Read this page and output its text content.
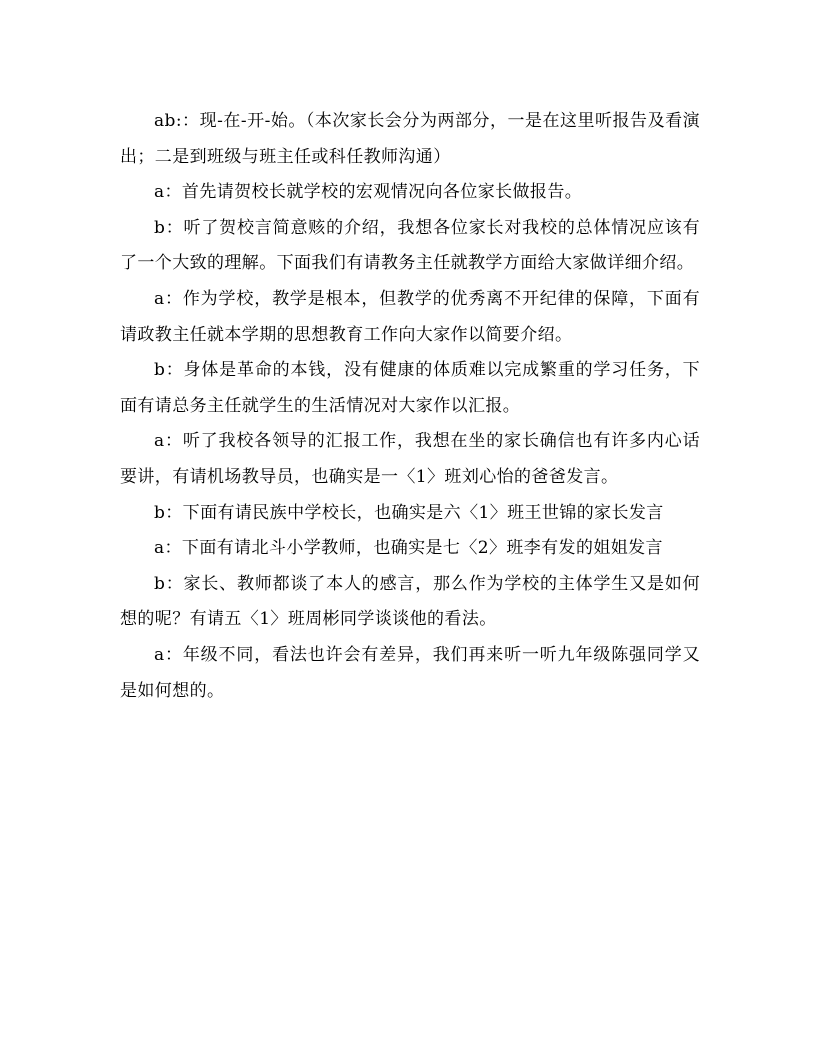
ab:：现-在-开-始。（本次家长会分为两部分，一是在这里听报告及看演出；二是到班级与班主任或科任教师沟通）

a：首先请贺校长就学校的宏观情况向各位家长做报告。

b：听了贺校言简意赅的介绍，我想各位家长对我校的总体情况应该有了一个大致的理解。下面我们有请教务主任就教学方面给大家做详细介绍。

a：作为学校，教学是根本，但教学的优秀离不开纪律的保障，下面有请政教主任就本学期的思想教育工作向大家作以简要介绍。

b：身体是革命的本钱，没有健康的体质难以完成繁重的学习任务，下面有请总务主任就学生的生活情况对大家作以汇报。

a：听了我校各领导的汇报工作，我想在坐的家长确信也有许多内心话要讲，有请机场教导员，也确实是一〈1〉班刘心怡的爸爸发言。

b：下面有请民族中学校长，也确实是六〈1〉班王世锦的家长发言

a：下面有请北斗小学教师，也确实是七〈2〉班李有发的姐姐发言

b：家长、教师都谈了本人的感言，那么作为学校的主体学生又是如何想的呢？有请五〈1〉班周彬同学谈谈他的看法。

a：年级不同，看法也许会有差异，我们再来听一听九年级陈强同学又是如何想的。
